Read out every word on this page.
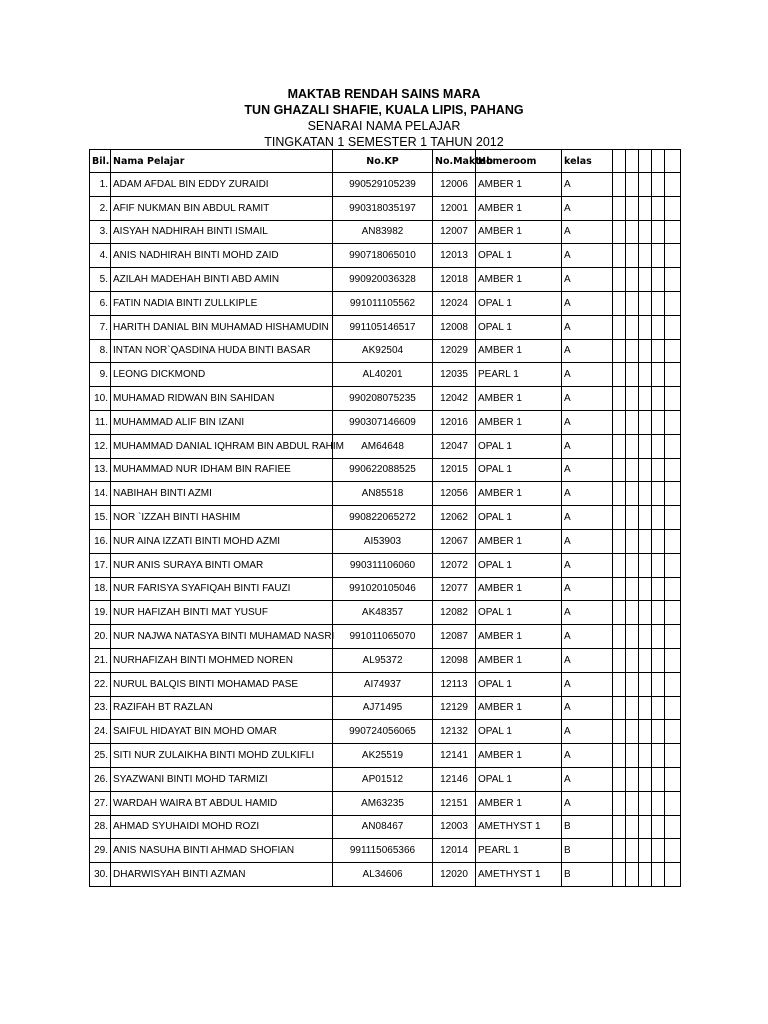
MAKTAB RENDAH SAINS MARA
TUN GHAZALI SHAFIE, KUALA LIPIS, PAHANG
SENARAI NAMA PELAJAR
TINGKATAN 1 SEMESTER 1 TAHUN 2012
Bil.	Nama Pelajar	No.KP	No.Maktab	Homeroom	kelas					
1.	ADAM AFDAL BIN EDDY ZURAIDI	990529105239	12006	AMBER 1	A					
2.	AFIF NUKMAN BIN ABDUL RAMIT	990318035197	12001	AMBER 1	A					
3.	AISYAH NADHIRAH BINTI ISMAIL	AN83982	12007	AMBER 1	A					
4.	ANIS NADHIRAH BINTI MOHD ZAID	990718065010	12013	OPAL 1	A					
5.	AZILAH MADEHAH BINTI ABD AMIN	990920036328	12018	AMBER 1	A					
6.	FATIN NADIA BINTI ZULLKIPLE	991011105562	12024	OPAL 1	A					
7.	HARITH DANIAL BIN MUHAMAD HISHAMUDIN	991105146517	12008	OPAL 1	A					
8.	INTAN NOR`QASDINA HUDA BINTI BASAR	AK92504	12029	AMBER 1	A					
9.	LEONG DICKMOND	AL40201	12035	PEARL 1	A					
10.	MUHAMAD RIDWAN BIN SAHIDAN	990208075235	12042	AMBER 1	A					
11.	MUHAMMAD ALIF BIN IZANI	990307146609	12016	AMBER 1	A					
12.	MUHAMMAD DANIAL IQHRAM BIN ABDUL RAHIM	AM64648	12047	OPAL 1	A					
13.	MUHAMMAD NUR IDHAM BIN RAFIEE	990622088525	12015	OPAL 1	A					
14.	NABIHAH BINTI AZMI	AN85518	12056	AMBER 1	A					
15.	NOR `IZZAH BINTI HASHIM	990822065272	12062	OPAL 1	A					
16.	NUR AINA IZZATI BINTI MOHD AZMI	AI53903	12067	AMBER 1	A					
17.	NUR ANIS SURAYA BINTI OMAR	990311106060	12072	OPAL 1	A					
18.	NUR FARISYA SYAFIQAH BINTI FAUZI	991020105046	12077	AMBER 1	A					
19.	NUR HAFIZAH BINTI MAT YUSUF	AK48357	12082	OPAL 1	A					
20.	NUR NAJWA NATASYA BINTI MUHAMAD NASRI	991011065070	12087	AMBER 1	A					
21.	NURHAFIZAH BINTI MOHMED NOREN	AL95372	12098	AMBER 1	A					
22.	NURUL BALQIS BINTI MOHAMAD PASE	AI74937	12113	OPAL 1	A					
23.	RAZIFAH BT RAZLAN	AJ71495	12129	AMBER 1	A					
24.	SAIFUL HIDAYAT BIN MOHD OMAR	990724056065	12132	OPAL 1	A					
25.	SITI NUR ZULAIKHA BINTI MOHD ZULKIFLI	AK25519	12141	AMBER 1	A					
26.	SYAZWANI BINTI MOHD TARMIZI	AP01512	12146	OPAL 1	A					
27.	WARDAH WAIRA BT ABDUL HAMID	AM63235	12151	AMBER 1	A					
28.	AHMAD SYUHAIDI MOHD ROZI	AN08467	12003	AMETHYST 1	B					
29.	ANIS NASUHA BINTI AHMAD SHOFIAN	991115065366	12014	PEARL 1	B					
30.	DHARWISYAH BINTI AZMAN	AL34606	12020	AMETHYST 1	B					
